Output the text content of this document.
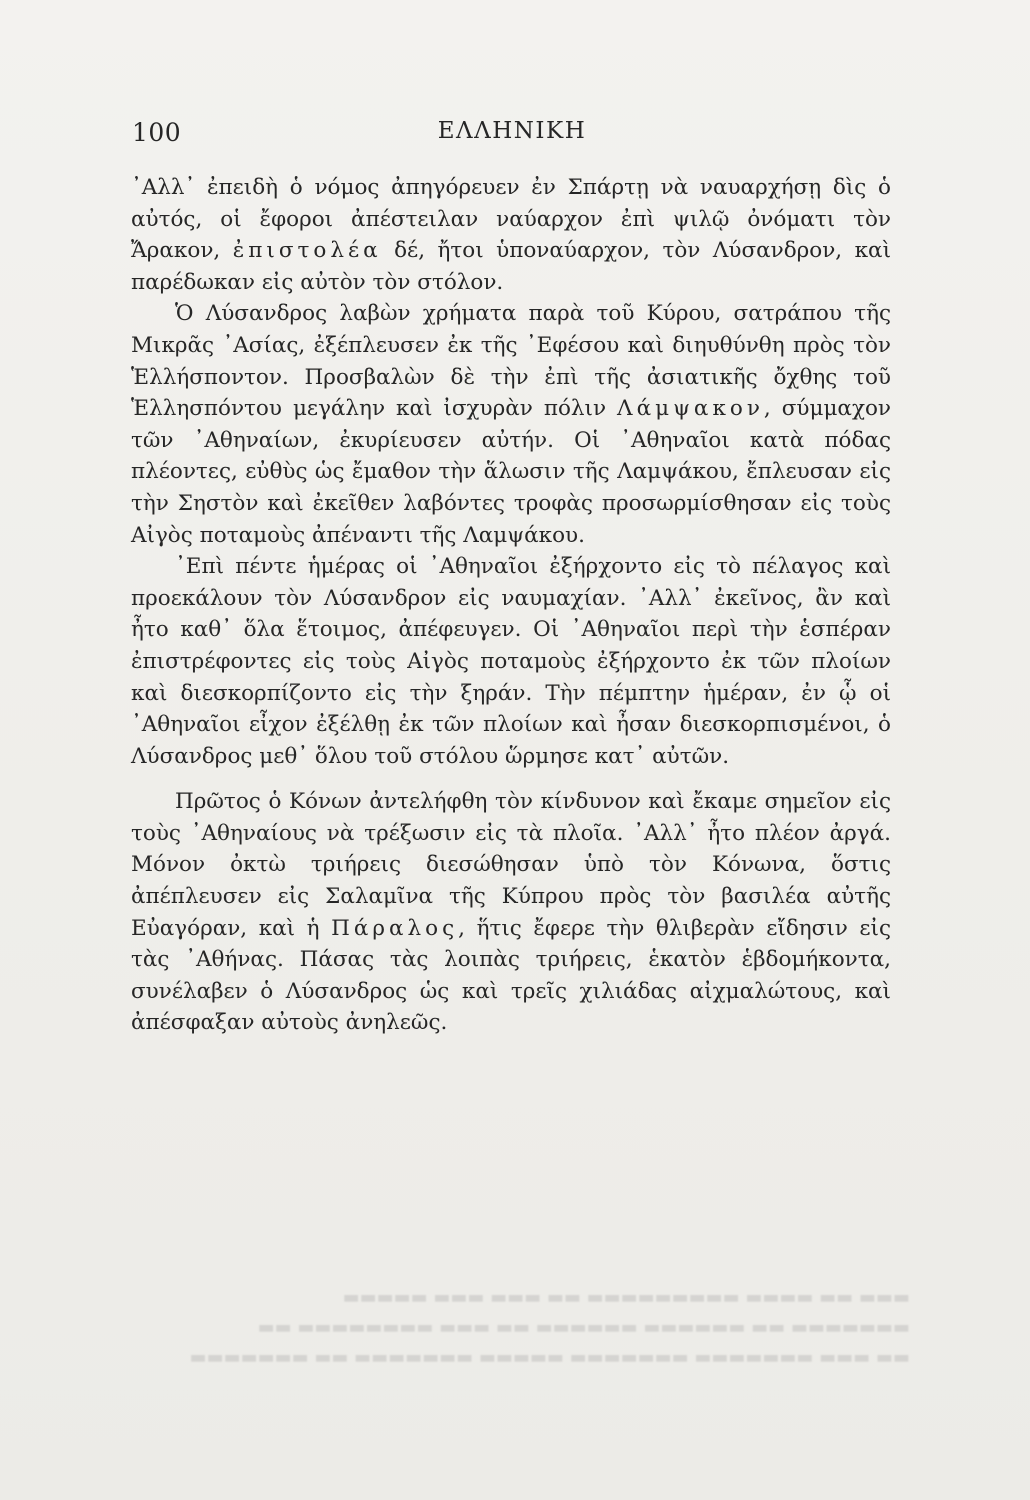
100	ΕΛΛΗΝΙΚΗ

᾿Αλλ᾿ ἐπειδὴ ὁ νόμος ἀπηγόρευεν ἐν Σπάρτῃ νὰ ναυαρχήσῃ δὶς ὁ αὐτός, οἱ ἔφοροι ἀπέστειλαν ναύαρχον ἐπὶ ψιλῷ ὀνόματι τὸν Ἄρακον, ἐπιστολέα δέ, ἤτοι ὑποναύαρχον, τὸν Λύσανδρον, καὶ παρέδωκαν εἰς αὐτὸν τὸν στόλον.

Ὁ Λύσανδρος λαβὼν χρήματα παρὰ τοῦ Κύρου, σατράπου τῆς Μικρᾶς ᾿Ασίας, ἐξέπλευσεν ἐκ τῆς ᾿Εφέσου καὶ διηυθύνθη πρὸς τὸν Ἑλλήσποντον. Προσβαλὼν δὲ τὴν ἐπὶ τῆς ἀσιατικῆς ὄχθης τοῦ Ἑλλησπόντου μεγάλην καὶ ἰσχυρὰν πόλιν Λάμψακον, σύμμαχον τῶν ᾿Αθηναίων, ἐκυρίευσεν αὐτήν. Οἱ ᾿Αθηναῖοι κατὰ πόδας πλέοντες, εὐθὺς ὡς ἔμαθον τὴν ἅλωσιν τῆς Λαμψάκου, ἔπλευσαν εἰς τὴν Σηστὸν καὶ ἐκεῖθεν λαβόντες τροφὰς προσωρμίσθησαν εἰς τοὺς Αἰγὸς ποταμοὺς ἀπέναντι τῆς Λαμψάκου.

᾿Επὶ πέντε ἡμέρας οἱ ᾿Αθηναῖοι ἐξήρχοντο εἰς τὸ πέλαγος καὶ προεκάλουν τὸν Λύσανδρον εἰς ναυμαχίαν. ᾿Αλλ᾿ ἐκεῖνος, ἂν καὶ ἦτο καθ᾿ ὅλα ἕτοιμος, ἀπέφευγεν. Οἱ ᾿Αθηναῖοι περὶ τὴν ἑσπέραν ἐπιστρέφοντες εἰς τοὺς Αἰγὸς ποταμοὺς ἐξήρχοντο ἐκ τῶν πλοίων καὶ διεσκορπίζοντο εἰς τὴν ξηράν. Τὴν πέμπτην ἡμέραν, ἐν ᾧ οἱ ᾿Αθηναῖοι εἶχον ἐξέλθῃ ἐκ τῶν πλοίων καὶ ἦσαν διεσκορπισμένοι, ὁ Λύσανδρος μεθ᾿ ὅλου τοῦ στόλου ὥρμησε κατ᾿ αὐτῶν.

Πρῶτος ὁ Κόνων ἀντελήφθη τὸν κίνδυνον καὶ ἔκαμε σημεῖον εἰς τοὺς ᾿Αθηναίους νὰ τρέξωσιν εἰς τὰ πλοῖα. ᾿Αλλ᾿ ἦτο πλέον ἀργά. Μόνον ὀκτὼ τριήρεις διεσώθησαν ὑπὸ τὸν Κόνωνα, ὅστις ἀπέπλευσεν εἰς Σαλαμῖνα τῆς Κύπρου πρὸς τὸν βασιλέα αὐτῆς Εὐαγόραν, καὶ ἡ Πάραλος, ἥτις ἔφερε τὴν θλιβερὰν εἴδησιν εἰς τὰς ᾿Αθήνας. Πάσας τὰς λοιπὰς τριήρεις, ἑκατὸν ἑβδομήκοντα, συνέλαβεν ὁ Λύσανδρος ὡς καὶ τρεῖς χιλιάδας αἰχμαλώτους, καὶ ἀπέσφαξαν αὐτοὺς ἀνηλεῶς.

▬▬▬ ▬▬ ▬▬▬▬ ▬▬▬▬▬▬▬▬▬ ▬▬ ▬▬▬ ▬▬▬ ▬▬▬▬▬
▬▬▬▬▬▬▬ ▬▬ ▬▬▬▬▬▬ ▬▬▬▬▬▬ ▬▬ ▬▬▬ ▬▬▬▬▬▬▬▬ ▬▬
▬▬ ▬▬▬ ▬▬▬▬▬▬▬ ▬▬▬▬▬▬▬ ▬▬▬▬▬ ▬▬▬▬▬▬▬ ▬▬ ▬▬▬▬▬▬▬
